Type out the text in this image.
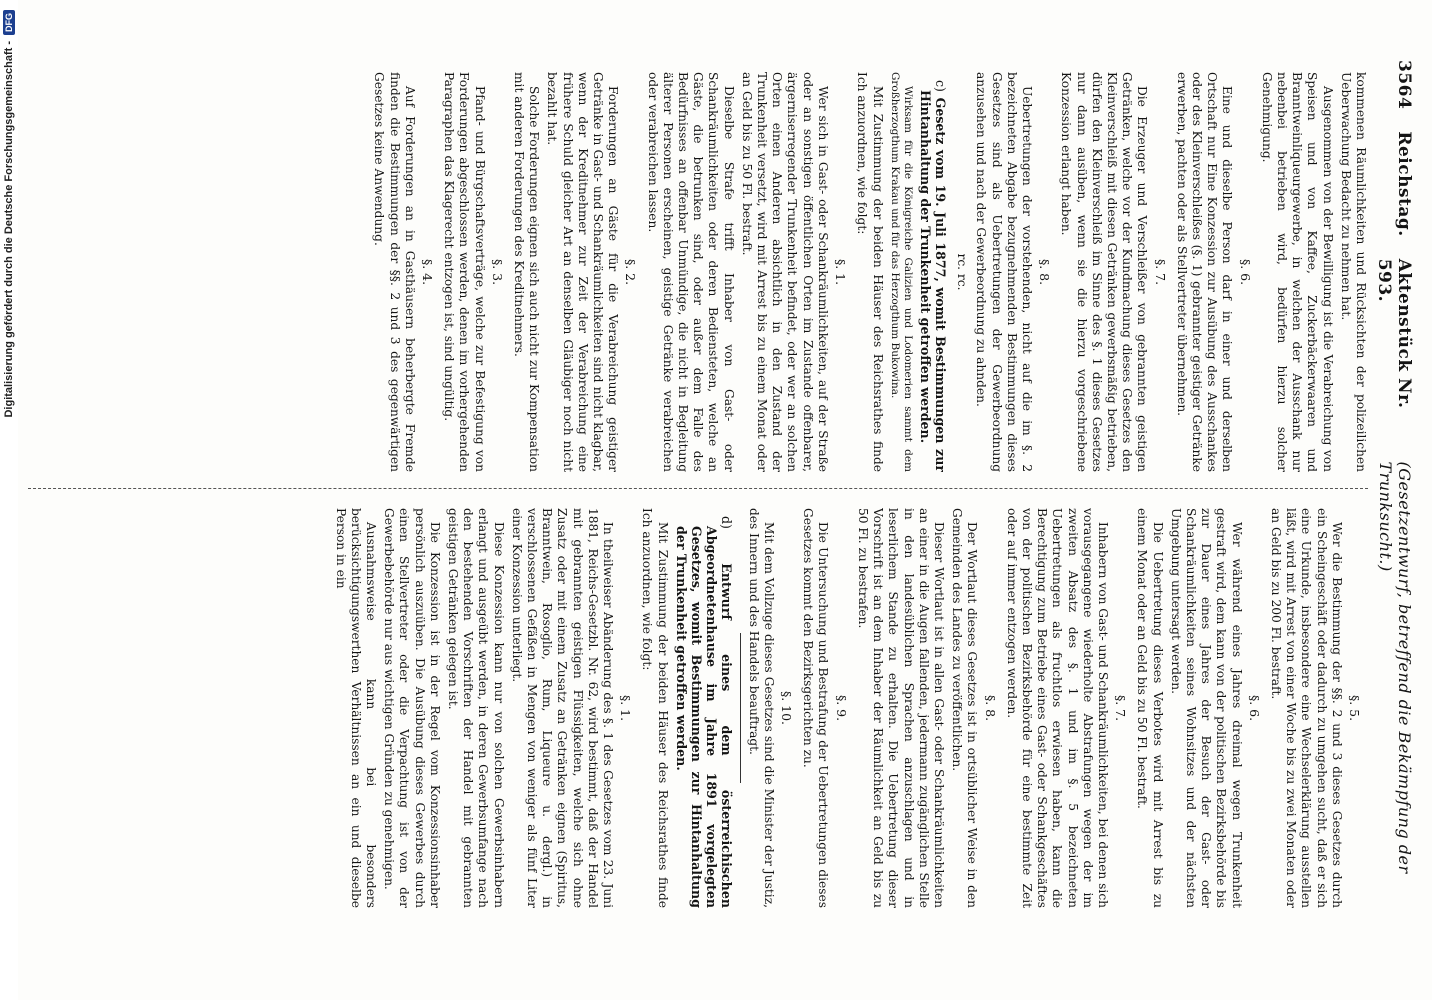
3564
Reichstag.
Aktenstück Nr. 593.
(Gesetzentwurf, betreffend die Bekämpfung der Trunksucht.)

kommenen Räumlichkeiten und Rücksichten der polizeilichen Ueberwachung Bedacht zu nehmen hat.

Ausgenommen von der Bewilligung ist die Verabreichung von Speisen und von Kaffee, Zuckerbäckerwaaren und Branntweinliqueurgewerbe, in welchen der Ausschank nur nebenbei betrieben wird, bedürfen hierzu solcher Genehmigung.

§. 6.

Eine und dieselbe Person darf in einer und derselben Ortschaft nur Eine Konzession zur Ausübung des Ausschankes oder des Kleinverschleißes (§. 1) gebrannter geistiger Getränke erwerben, pachten oder als Stellvertreter übernehmen.

§. 7.

Die Erzeuger und Verschleißer von gebrannten geistigen Getränken, welche vor der Kundmachung dieses Gesetzes den Kleinverschleiß mit diesen Getränken gewerbsmäßig betrieben, dürfen den Kleinverschleiß im Sinne des §. 1 dieses Gesetzes nur dann ausüben, wenn sie die hierzu vorgeschriebene Konzession erlangt haben.

§. 8.

Uebertretungen der vorstehenden, nicht auf die im §. 2 bezeichneten Abgabe bezugnehmenden Bestimmungen dieses Gesetzes sind als Uebertretungen der Gewerbeordnung anzusehen und nach der Gewerbeordnung zu ahnden.

rc. rc.
c) Gesetz vom 19. Juli 1877, womit Bestimmungen zur Hintanhaltung der Trunkenheit getroffen werden.

Wirksam für die Königreiche Galizien und Lodomerien sammt dem Großherzogthum Krakau und für das Herzogthum Bukowina.

Mit Zustimmung der beiden Häuser des Reichsrathes finde Ich anzuordnen, wie folgt:

§. 1.

Wer sich in Gast- oder Schankräumlichkeiten, auf der Straße oder an sonstigen öffentlichen Orten im Zustande offenbarer, ärgerniserregender Trunkenheit befindet, oder wer an solchen Orten einen Anderen absichtlich in den Zustand der Trunkenheit versetzt, wird mit Arrest bis zu einem Monat oder an Geld bis zu 50 Fl. bestraft.

Dieselbe Strafe trifft Inhaber von Gast- oder Schankräumlichkeiten oder deren Bediensteten, welche an Gäste, die betrunken sind, oder außer dem Falle des Bedürfnisses an offenbar Unmündige, die nicht in Begleitung älterer Personen erscheinen, geistige Getränke verabreichen oder verabreichen lassen.

§. 2.

Forderungen an Gäste für die Verabreichung geistiger Getränke in Gast- und Schankräumlichkeiten sind nicht klagbar, wenn der Kreditnehmer zur Zeit der Verabreichung eine frühere Schuld gleicher Art an denselben Gläubiger noch nicht bezahlt hat.

Solche Forderungen eignen sich auch nicht zur Kompensation mit anderen Forderungen des Kreditnehmers.

§. 3.

Pfand- und Bürgschaftsverträge, welche zur Befestigung von Forderungen abgeschlossen werden, denen im vorhergehenden Paragraphen das Klagerecht entzogen ist, sind ungültig.

§. 4.

Auf Forderungen an in Gasthäusern beherbergte Fremde finden die Bestimmungen der §§. 2 und 3 des gegenwärtigen Gesetzes keine Anwendung.

§. 5.

Wer die Bestimmung der §§. 2 und 3 dieses Gesetzes durch ein Scheingeschäft oder dadurch zu umgehen sucht, daß er sich eine Urkunde, insbesondere eine Wechselerklärung ausstellen läßt, wird mit Arrest von einer Woche bis zu zwei Monaten oder an Geld bis zu 200 Fl. bestraft.

§. 6.

Wer während eines Jahres dreimal wegen Trunkenheit gestraft wird, dem kann von der politischen Bezirksbehörde bis zur Dauer eines Jahres der Besuch der Gast- oder Schankräumlichkeiten seines Wohnsitzes und der nächsten Umgebung untersagt werden.

Die Uebertretung dieses Verbotes wird mit Arrest bis zu einem Monat oder an Geld bis zu 50 Fl. bestraft.

§. 7.

Inhabern von Gast- und Schankräumlichkeiten, bei denen sich vorausgegangene wiederholte Abstrafungen wegen der im zweiten Absatz des §. 1 und im §. 5 bezeichneten Uebertretungen als fruchtlos erwiesen haben, kann die Berechtigung zum Betriebe eines Gast- oder Schankgeschäftes von der politischen Bezirksbehörde für eine bestimmte Zeit oder auf immer entzogen werden.

§. 8.

Der Wortlaut dieses Gesetzes ist in ortsüblicher Weise in den Gemeinden des Landes zu veröffentlichen.

Dieser Wortlaut ist in allen Gast- oder Schankräumlichkeiten an einer in die Augen fallenden, jedermann zugänglichen Stelle in den landesüblichen Sprachen anzuschlagen und in leserlichem Stande zu erhalten. Die Uebertretung dieser Vorschrift ist an dem Inhaber der Räumlichkeit an Geld bis zu 50 Fl. zu bestrafen.

§. 9.

Die Untersuchung und Bestrafung der Uebertretungen dieses Gesetzes kommt den Bezirksgerichten zu.

§. 10.

Mit dem Vollzuge dieses Gesetzes sind die Minister der Justiz, des Innern und des Handels beauftragt.

d) Entwurf eines dem österreichischen Abgeordnetenhause im Jahre 1891 vorgelegten Gesetzes, womit Bestimmungen zur Hintanhaltung der Trunkenheit getroffen werden.

Mit Zustimmung der beiden Häuser des Reichsrathes finde Ich anzuordnen, wie folgt:

§. 1.

In theilweiser Abänderung des §. 1 des Gesetzes vom 23. Juni 1881, Reichs-Gesetzbl. Nr. 62, wird bestimmt, daß der Handel mit gebrannten geistigen Flüssigkeiten, welche sich ohne Zusatz oder mit einem Zusatz an Getränken eignen (Spiritus, Branntwein, Rosoglio, Rum, Liqueure u. dergl.) in verschlossenen Gefäßen in Mengen von weniger als fünf Liter einer Konzession unterliegt.

Diese Konzession kann nur von solchen Gewerbsinhabern erlangt und ausgeübt werden, in deren Gewerbsumfange nach den bestehenden Vorschriften der Handel mit gebrannten geistigen Getränken gelegen ist.

Die Konzession ist in der Regel vom Konzessionsinhaber persönlich auszuüben. Die Ausübung dieses Gewerbes durch einen Stellvertreter oder die Verpachtung ist von der Gewerbebehörde nur aus wichtigen Gründen zu genehmigen.

Ausnahmsweise kann bei besonders berücksichtigungswerthen Verhältnissen an ein und dieselbe Person in ein

Digitalisierung gefördert durch die Deutsche Forschungsgemeinschaft -
DFG
